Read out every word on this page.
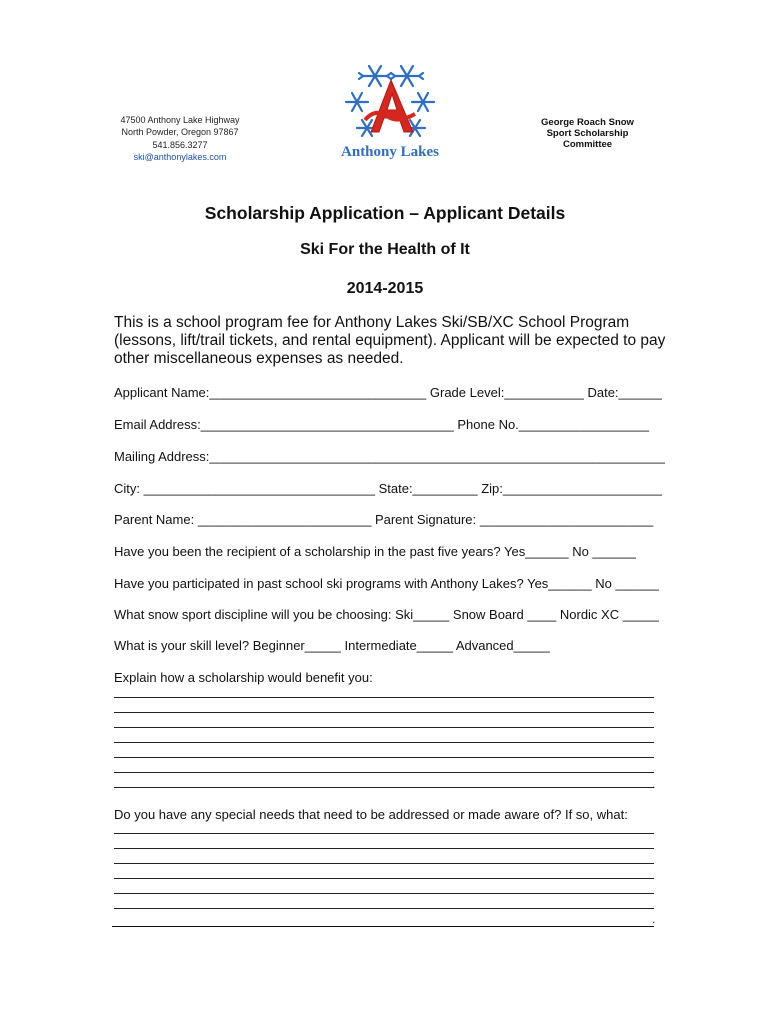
47500 Anthony Lake Highway
North Powder, Oregon 97867
541.856.3277
ski@anthonylakes.com	Anthony Lakes
George Roach Snow
Sport Scholarship
Committee
Scholarship Application – Applicant Details
Ski For the Health of It
2014-2015
This is a school program fee for Anthony Lakes Ski/SB/XC School Program (lessons, lift/trail tickets, and rental equipment). Applicant will be expected to pay other miscellaneous expenses as needed.
Applicant Name:______________________________ Grade Level:___________ Date:______
Email Address:___________________________________ Phone No.__________________
Mailing Address:_______________________________________________________________
City: ________________________________ State:_________ Zip:______________________
Parent Name: ________________________ Parent Signature: ________________________
Have you been the recipient of a scholarship in the past five years? Yes______ No ______
Have you participated in past school ski programs with Anthony Lakes? Yes______ No ______
What snow sport discipline will you be choosing: Ski_____ Snow Board ____ Nordic XC _____
What is your skill level? Beginner_____ Intermediate_____ Advanced_____
Explain how a scholarship would benefit you:
.
Do you have any special needs that need to be addressed or made aware of? If so, what:
.
